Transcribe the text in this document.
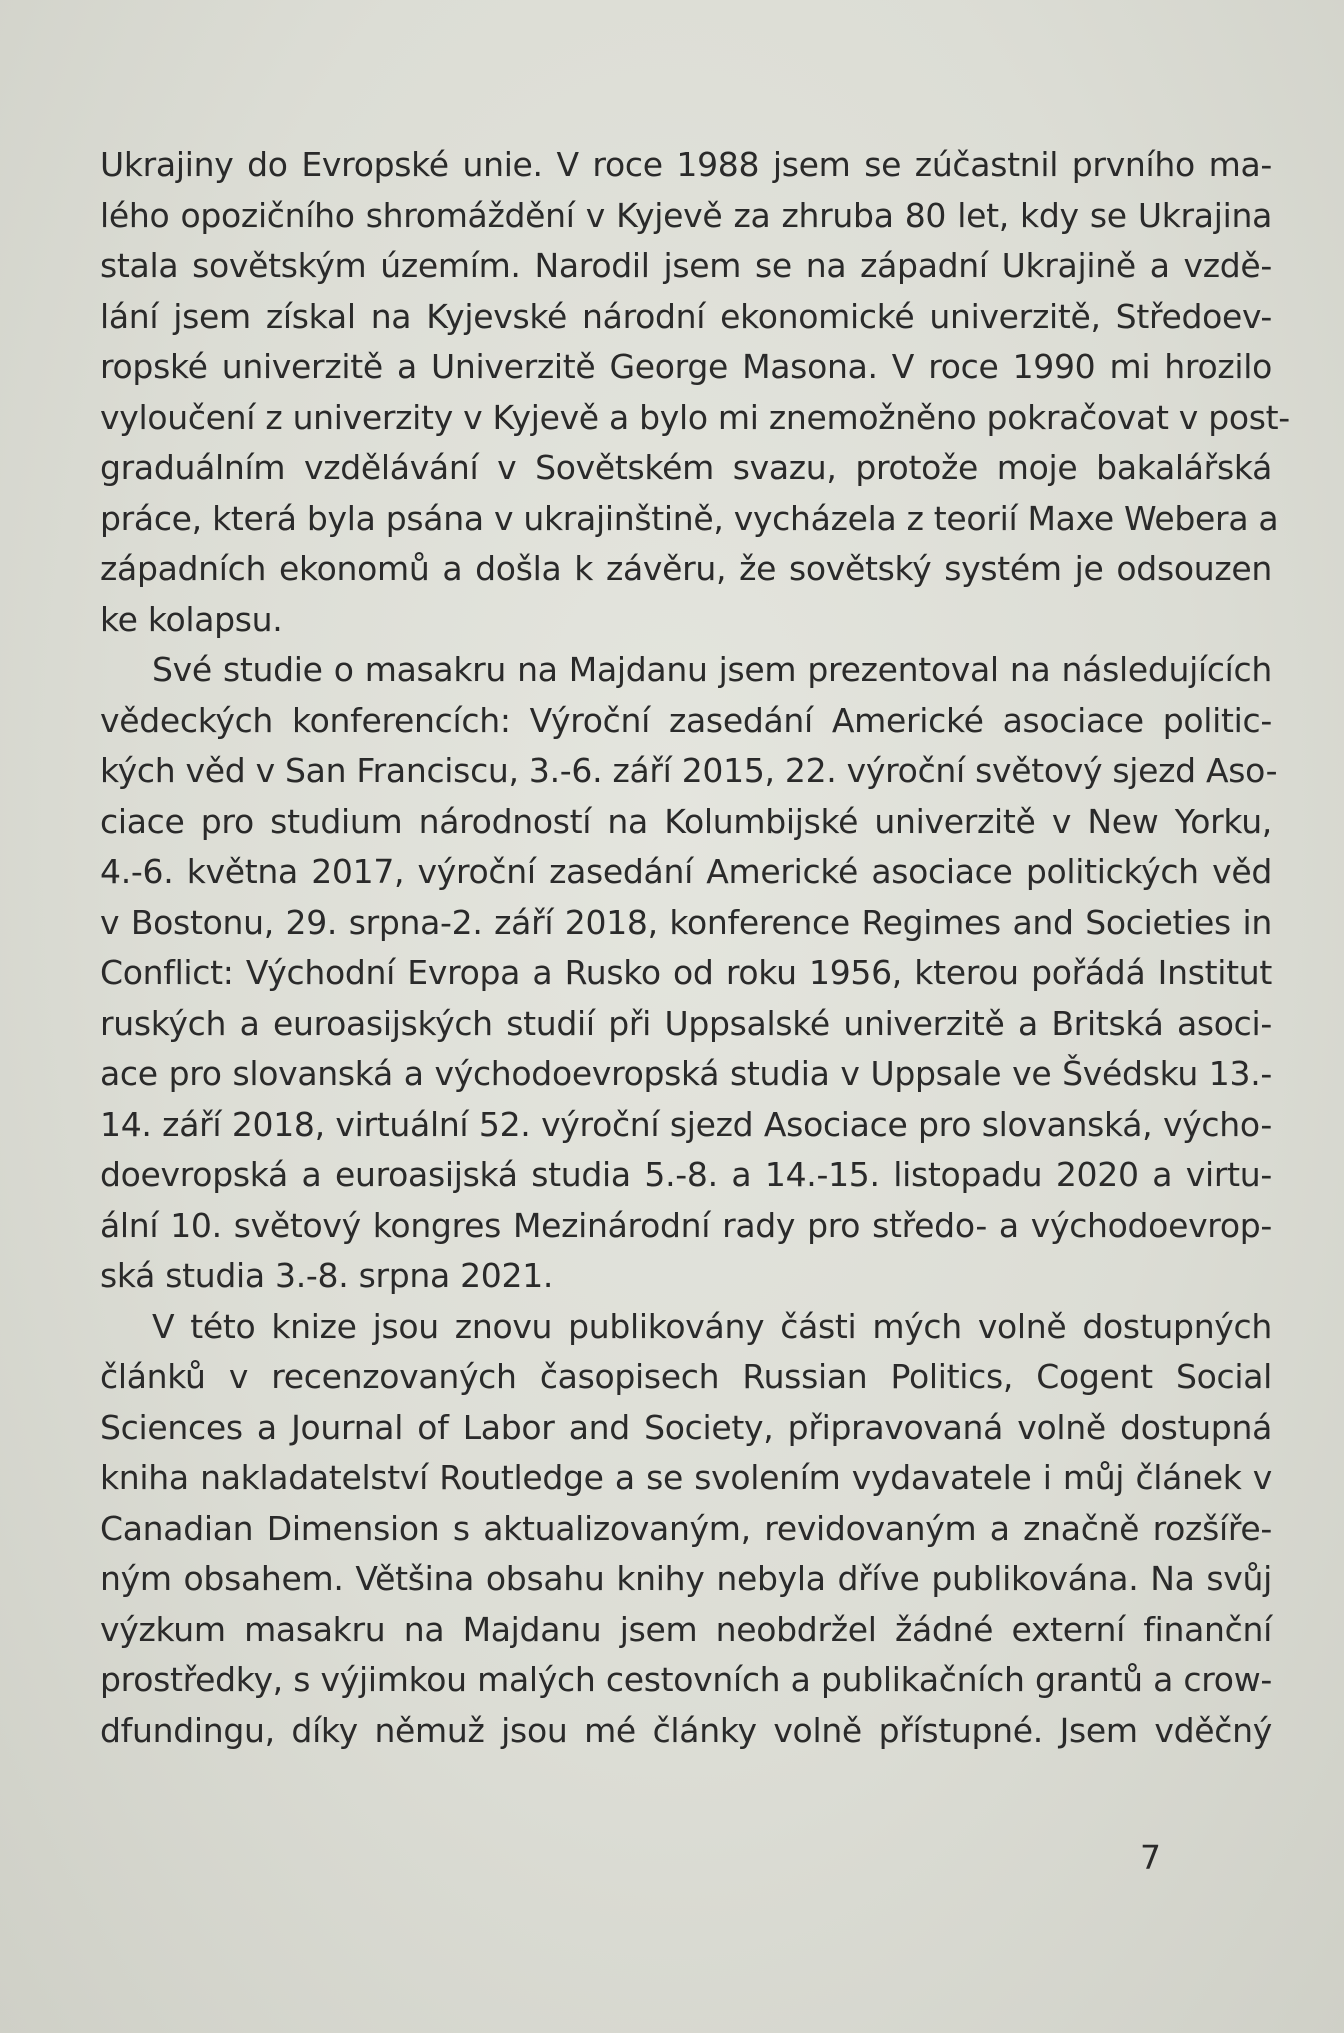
Ukrajiny do Evropské unie. V roce 1988 jsem se zúčastnil prvního ma-
lého opozičního shromáždění v Kyjevě za zhruba 80 let, kdy se Ukrajina
stala sovětským územím. Narodil jsem se na západní Ukrajině a vzdě-
lání jsem získal na Kyjevské národní ekonomické univerzitě, Středoev-
ropské univerzitě a Univerzitě George Masona. V roce 1990 mi hrozilo
vyloučení z univerzity v Kyjevě a bylo mi znemožněno pokračovat v post-
graduálním vzdělávání v Sovětském svazu, protože moje bakalářská
práce, která byla psána v ukrajinštině, vycházela z teorií Maxe Webera a
západních ekonomů a došla k závěru, že sovětský systém je odsouzen
ke kolapsu.
Své studie o masakru na Majdanu jsem prezentoval na následujících
vědeckých konferencích: Výroční zasedání Americké asociace politic-
kých věd v San Franciscu, 3.-6. září 2015, 22. výroční světový sjezd Aso-
ciace pro studium národností na Kolumbijské univerzitě v New Yorku,
4.-6. května 2017, výroční zasedání Americké asociace politických věd
v Bostonu, 29. srpna-2. září 2018, konference Regimes and Societies in
Conflict: Východní Evropa a Rusko od roku 1956, kterou pořádá Institut
ruských a euroasijských studií při Uppsalské univerzitě a Britská asoci-
ace pro slovanská a východoevropská studia v Uppsale ve Švédsku 13.-
14. září 2018, virtuální 52. výroční sjezd Asociace pro slovanská, výcho-
doevropská a euroasijská studia 5.-8. a 14.-15. listopadu 2020 a virtu-
ální 10. světový kongres Mezinárodní rady pro středo- a východoevrop-
ská studia 3.-8. srpna 2021.
V této knize jsou znovu publikovány části mých volně dostupných
článků v recenzovaných časopisech Russian Politics, Cogent Social
Sciences a Journal of Labor and Society, připravovaná volně dostupná
kniha nakladatelství Routledge a se svolením vydavatele i můj článek v
Canadian Dimension s aktualizovaným, revidovaným a značně rozšíře-
ným obsahem. Většina obsahu knihy nebyla dříve publikována. Na svůj
výzkum masakru na Majdanu jsem neobdržel žádné externí finanční
prostředky, s výjimkou malých cestovních a publikačních grantů a crow-
dfundingu, díky němuž jsou mé články volně přístupné. Jsem vděčný
7
